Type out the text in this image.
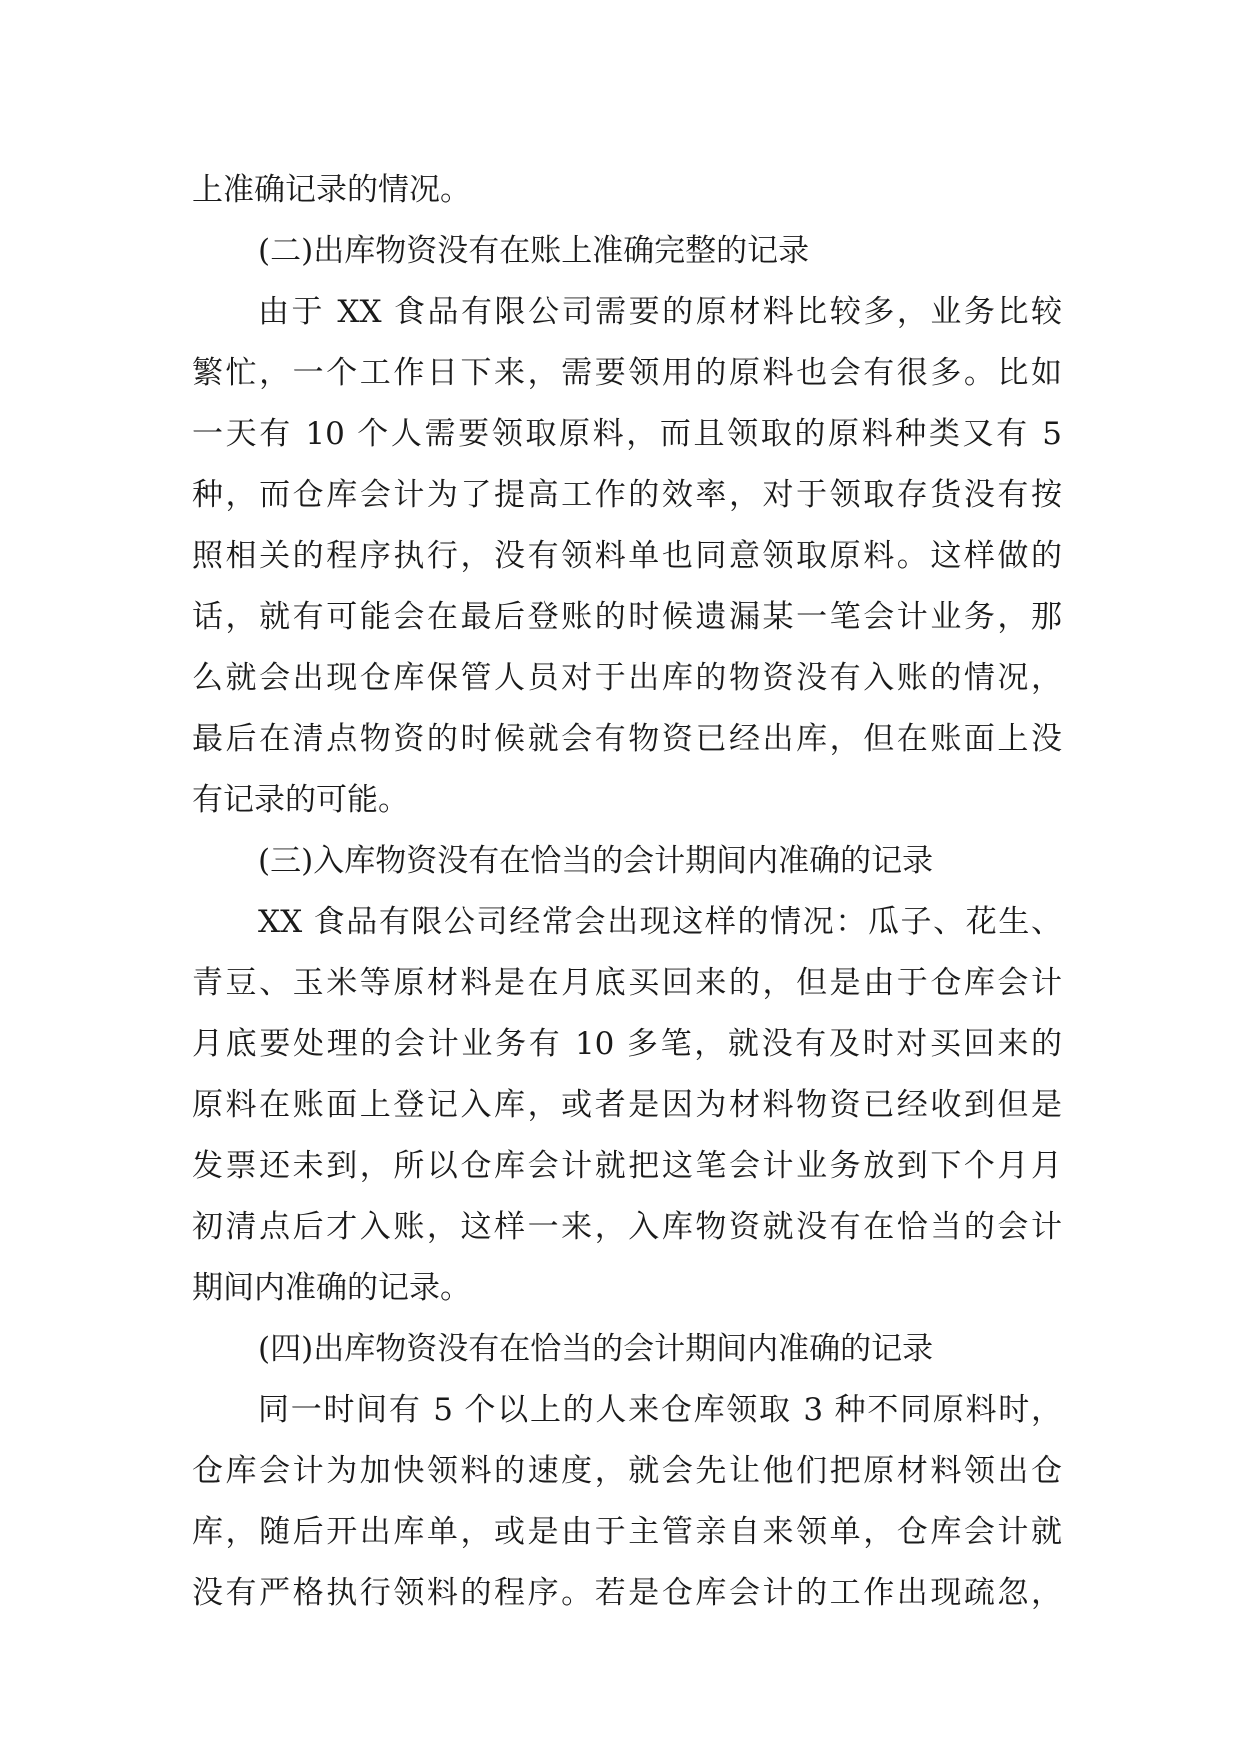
上准确记录的情况。
(二)出库物资没有在账上准确完整的记录
由于 XX 食品有限公司需要的原材料比较多，业务比较
繁忙，一个工作日下来，需要领用的原料也会有很多。比如
一天有 10 个人需要领取原料，而且领取的原料种类又有 5
种，而仓库会计为了提高工作的效率，对于领取存货没有按
照相关的程序执行，没有领料单也同意领取原料。这样做的
话，就有可能会在最后登账的时候遗漏某一笔会计业务，那
么就会出现仓库保管人员对于出库的物资没有入账的情况，
最后在清点物资的时候就会有物资已经出库，但在账面上没
有记录的可能。
(三)入库物资没有在恰当的会计期间内准确的记录
XX 食品有限公司经常会出现这样的情况：瓜子、花生、
青豆、玉米等原材料是在月底买回来的，但是由于仓库会计
月底要处理的会计业务有 10 多笔，就没有及时对买回来的
原料在账面上登记入库，或者是因为材料物资已经收到但是
发票还未到，所以仓库会计就把这笔会计业务放到下个月月
初清点后才入账，这样一来，入库物资就没有在恰当的会计
期间内准确的记录。
(四)出库物资没有在恰当的会计期间内准确的记录
同一时间有 5 个以上的人来仓库领取 3 种不同原料时，
仓库会计为加快领料的速度，就会先让他们把原材料领出仓
库，随后开出库单，或是由于主管亲自来领单，仓库会计就
没有严格执行领料的程序。若是仓库会计的工作出现疏忽，
